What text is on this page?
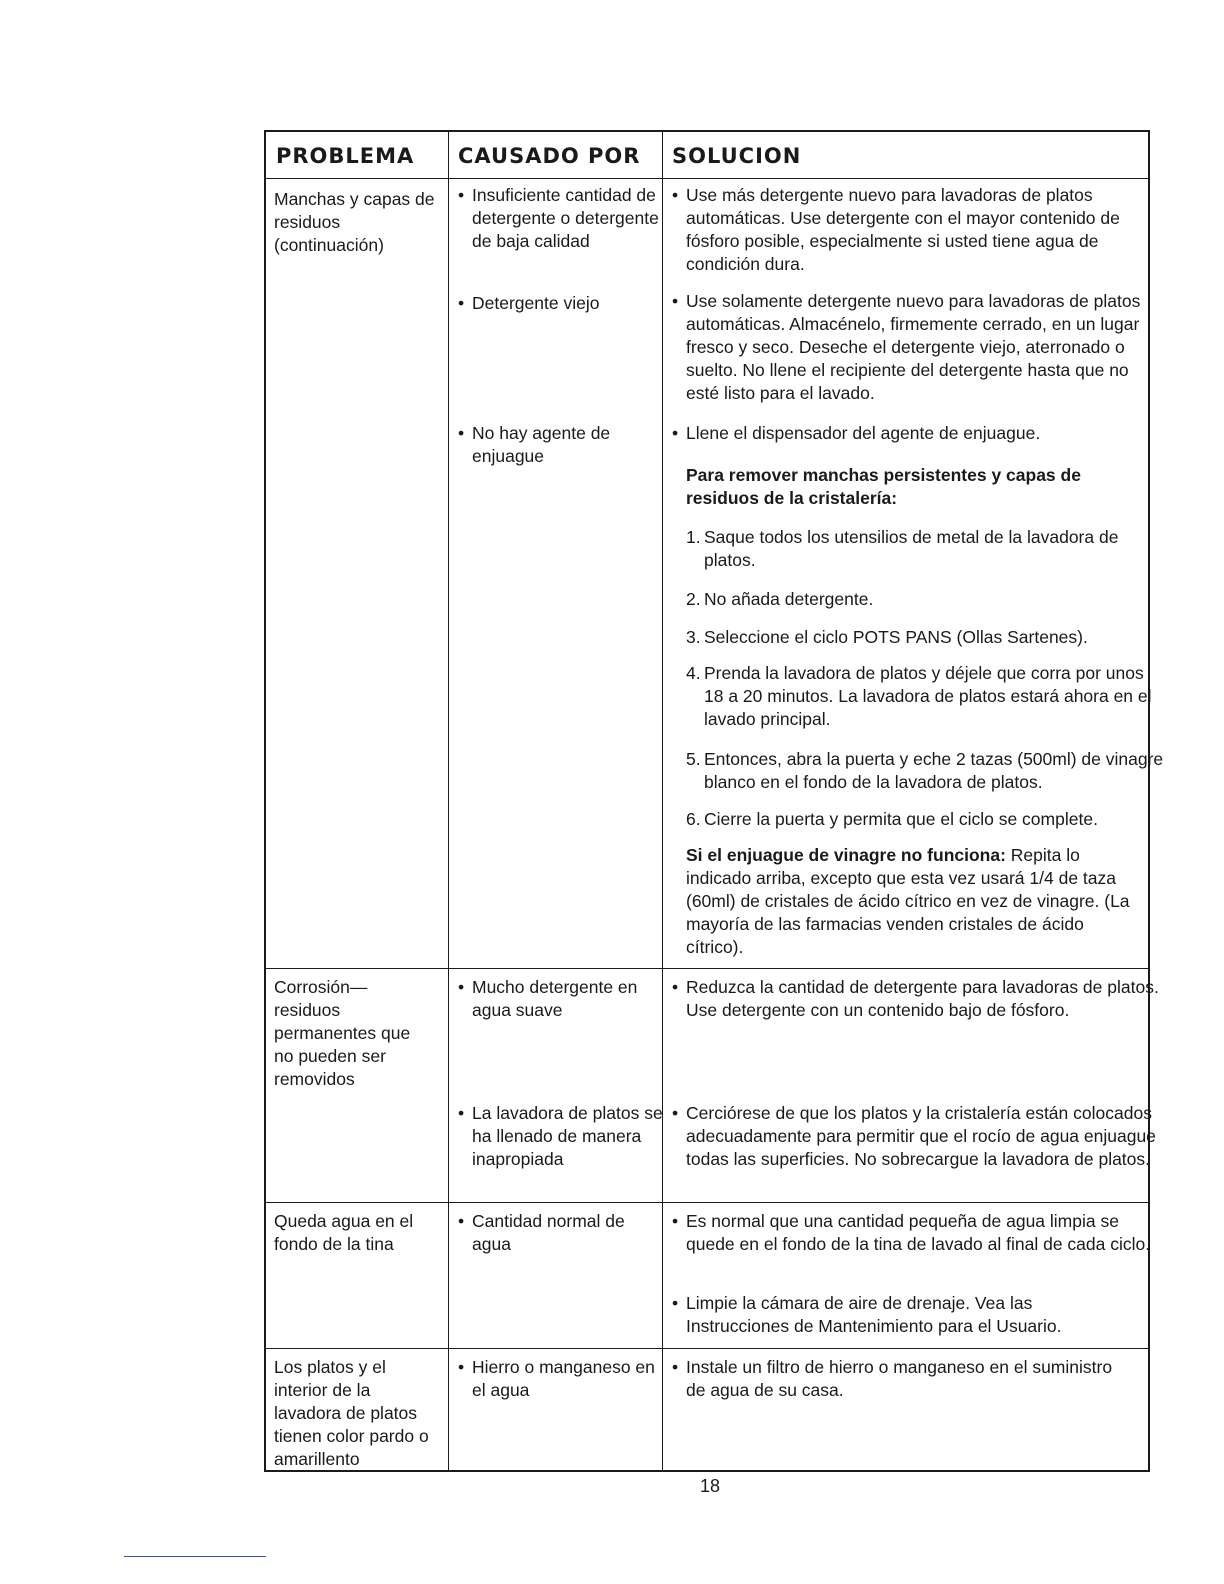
PROBLEMA CAUSADO POR SOLUCION
Manchas y capas de residuos (continuación)
• Insuficiente cantidad de detergente o detergente de baja calidad
• Detergente viejo
• No hay agente de enjuague
• Use más detergente nuevo para lavadoras de platos automáticas. Use detergente con el mayor contenido de fósforo posible, especialmente si usted tiene agua de condición dura.
• Use solamente detergente nuevo para lavadoras de platos automáticas. Almacénelo, firmemente cerrado, en un lugar fresco y seco. Deseche el detergente viejo, aterronado o suelto. No llene el recipiente del detergente hasta que no esté listo para el lavado.
• Llene el dispensador del agente de enjuague.
Para remover manchas persistentes y capas de residuos de la cristalería:
1. Saque todos los utensilios de metal de la lavadora de platos.
2. No añada detergente.
3. Seleccione el ciclo POTS PANS (Ollas Sartenes).
4. Prenda la lavadora de platos y déjele que corra por unos 18 a 20 minutos. La lavadora de platos estará ahora en el lavado principal.
5. Entonces, abra la puerta y eche 2 tazas (500ml) de vinagre blanco en el fondo de la lavadora de platos.
6. Cierre la puerta y permita que el ciclo se complete.
Si el enjuague de vinagre no funciona: Repita lo indicado arriba, excepto que esta vez usará 1/4 de taza (60ml) de cristales de ácido cítrico en vez de vinagre. (La mayoría de las farmacias venden cristales de ácido cítrico).
Corrosión— residuos permanentes que no pueden ser removidos
• Mucho detergente en agua suave
• La lavadora de platos se ha llenado de manera inapropiada
• Reduzca la cantidad de detergente para lavadoras de platos. Use detergente con un contenido bajo de fósforo.
• Cerciórese de que los platos y la cristalería están colocados adecuadamente para permitir que el rocío de agua enjuague todas las superficies. No sobrecargue la lavadora de platos.
Queda agua en el fondo de la tina
• Cantidad normal de agua
• Es normal que una cantidad pequeña de agua limpia se quede en el fondo de la tina de lavado al final de cada ciclo.
• Limpie la cámara de aire de drenaje. Vea las Instrucciones de Mantenimiento para el Usuario.
Los platos y el interior de la lavadora de platos tienen color pardo o amarillento
• Hierro o manganeso en el agua
• Instale un filtro de hierro o manganeso en el suministro de agua de su casa.
18
